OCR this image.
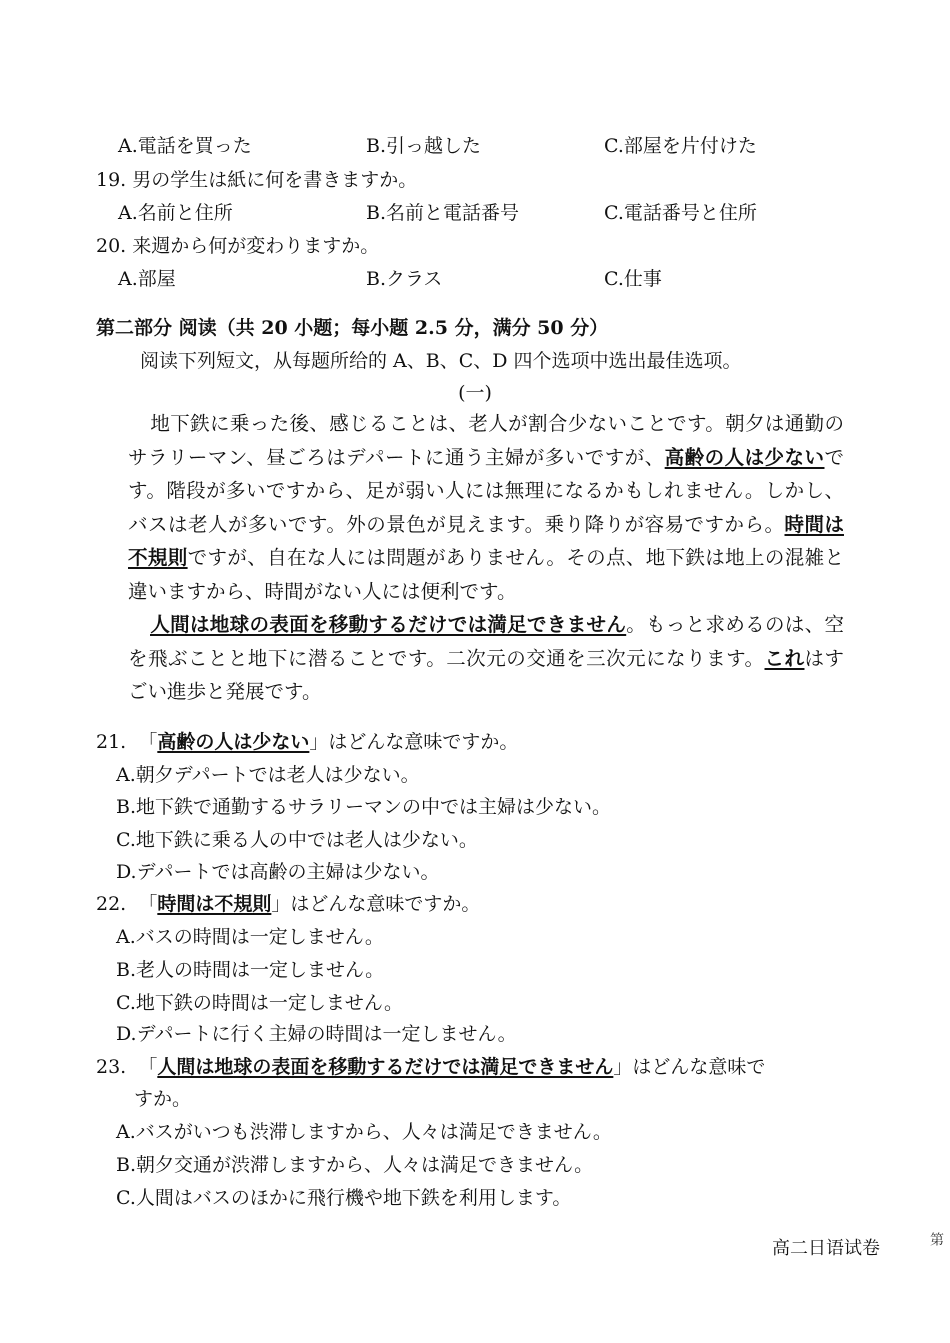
A.電話を買った	B.引っ越した	C.部屋を片付けた
19. 男の学生は紙に何を書きますか。
A.名前と住所	B.名前と電話番号	C.電話番号と住所
20. 来週から何が変わりますか。
A.部屋	B.クラス	C.仕事
第二部分 阅读（共 20 小题；每小题 2.5 分，满分 50 分）
阅读下列短文，从每题所给的 A、B、C、D 四个选项中选出最佳选项。
(一)
地下鉄に乗った後、感じることは、老人が割合少ないことです。朝夕は通勤のサラリーマン、昼ごろはデパートに通う主婦が多いですが、高齢の人は少ないです。階段が多いですから、足が弱い人には無理になるかもしれません。しかし、バスは老人が多いです。外の景色が見えます。乗り降りが容易ですから。時間は不規則ですが、自在な人には問題がありません。その点、地下鉄は地上の混雑と違いますから、時間がない人には便利です。
人間は地球の表面を移動するだけでは満足できません。もっと求めるのは、空を飛ぶことと地下に潜ることです。二次元の交通を三次元になります。これはすごい進歩と発展です。
21. 「高齢の人は少ない」はどんな意味ですか。
A.朝夕デパートでは老人は少ない。
B.地下鉄で通勤するサラリーマンの中では主婦は少ない。
C.地下鉄に乗る人の中では老人は少ない。
D.デパートでは高齢の主婦は少ない。
22. 「時間は不規則」はどんな意味ですか。
A.バスの時間は一定しません。
B.老人の時間は一定しません。
C.地下鉄の時間は一定しません。
D.デパートに行く主婦の時間は一定しません。
23. 「人間は地球の表面を移動するだけでは満足できません」はどんな意味で
すか。
A.バスがいつも渋滞しますから、人々は満足できません。
B.朝夕交通が渋滞しますから、人々は満足できません。
C.人間はバスのほかに飛行機や地下鉄を利用します。
高二日语试卷	第
